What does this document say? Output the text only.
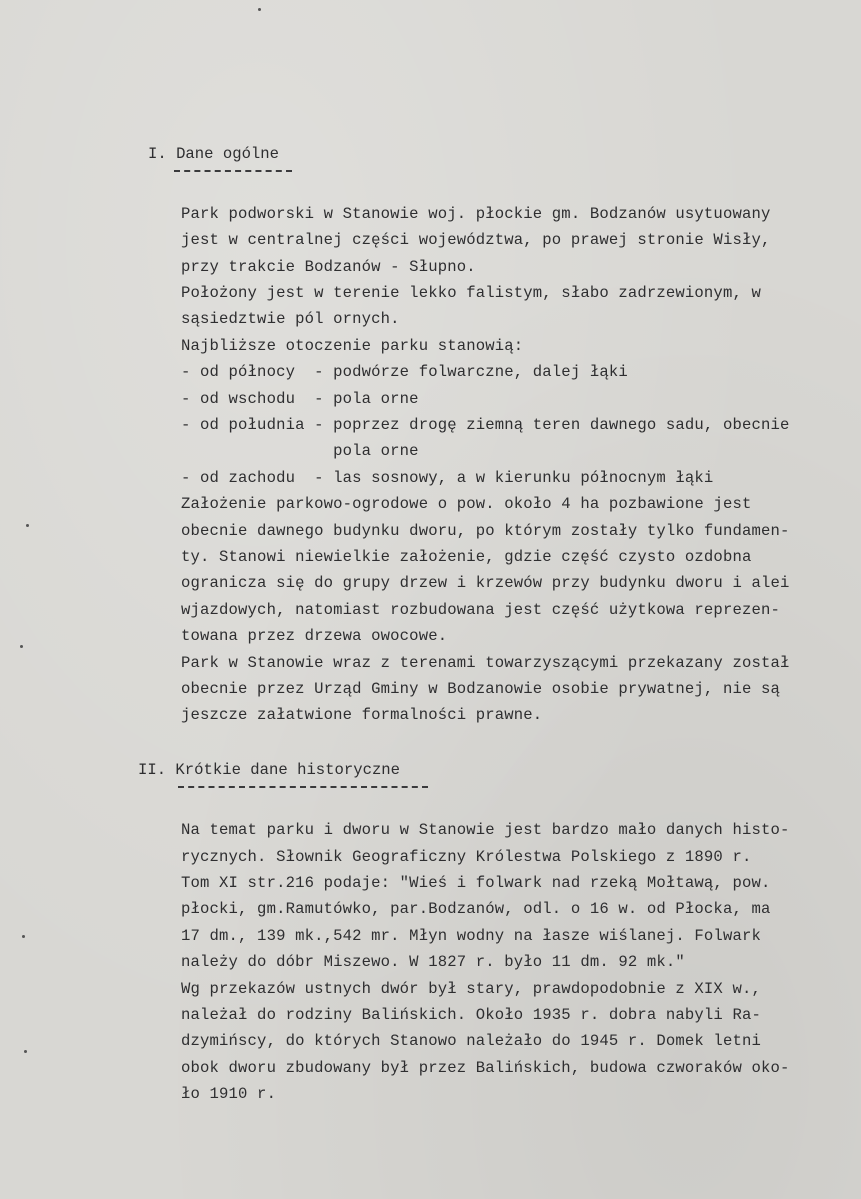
I. Dane ogólne
Park podworski w Stanowie woj. płockie gm. Bodzanów usytuowany
jest w centralnej części województwa, po prawej stronie Wisły,
przy trakcie Bodzanów - Słupno.
Położony jest w terenie lekko falistym, słabo zadrzewionym, w
sąsiedztwie pól ornych.
Najbliższe otoczenie parku stanowią:
- od północy  - podwórze folwarczne, dalej łąki
- od wschodu  - pola orne
- od południa - poprzez drogę ziemną teren dawnego sadu, obecnie
pola orne
- od zachodu  - las sosnowy, a w kierunku północnym łąki
Założenie parkowo-ogrodowe o pow. około 4 ha pozbawione jest
obecnie dawnego budynku dworu, po którym zostały tylko fundamen-
ty. Stanowi niewielkie założenie, gdzie część czysto ozdobna
ogranicza się do grupy drzew i krzewów przy budynku dworu i alei
wjazdowych, natomiast rozbudowana jest część użytkowa reprezen-
towana przez drzewa owocowe.
Park w Stanowie wraz z terenami towarzyszącymi przekazany został
obecnie przez Urząd Gminy w Bodzanowie osobie prywatnej, nie są
jeszcze załatwione formalności prawne.
II. Krótkie dane historyczne
Na temat parku i dworu w Stanowie jest bardzo mało danych histo-
rycznych. Słownik Geograficzny Królestwa Polskiego z 1890 r.
Tom XI str.216 podaje: "Wieś i folwark nad rzeką Mołtawą, pow.
płocki, gm.Ramutówko, par.Bodzanów, odl. o 16 w. od Płocka, ma
17 dm., 139 mk.,542 mr. Młyn wodny na łasze wiślanej. Folwark
należy do dóbr Miszewo. W 1827 r. było 11 dm. 92 mk."
Wg przekazów ustnych dwór był stary, prawdopodobnie z XIX w.,
należał do rodziny Balińskich. Około 1935 r. dobra nabyli Ra-
dzymińscy, do których Stanowo należało do 1945 r. Domek letni
obok dworu zbudowany był przez Balińskich, budowa czworaków oko-
ło 1910 r.
